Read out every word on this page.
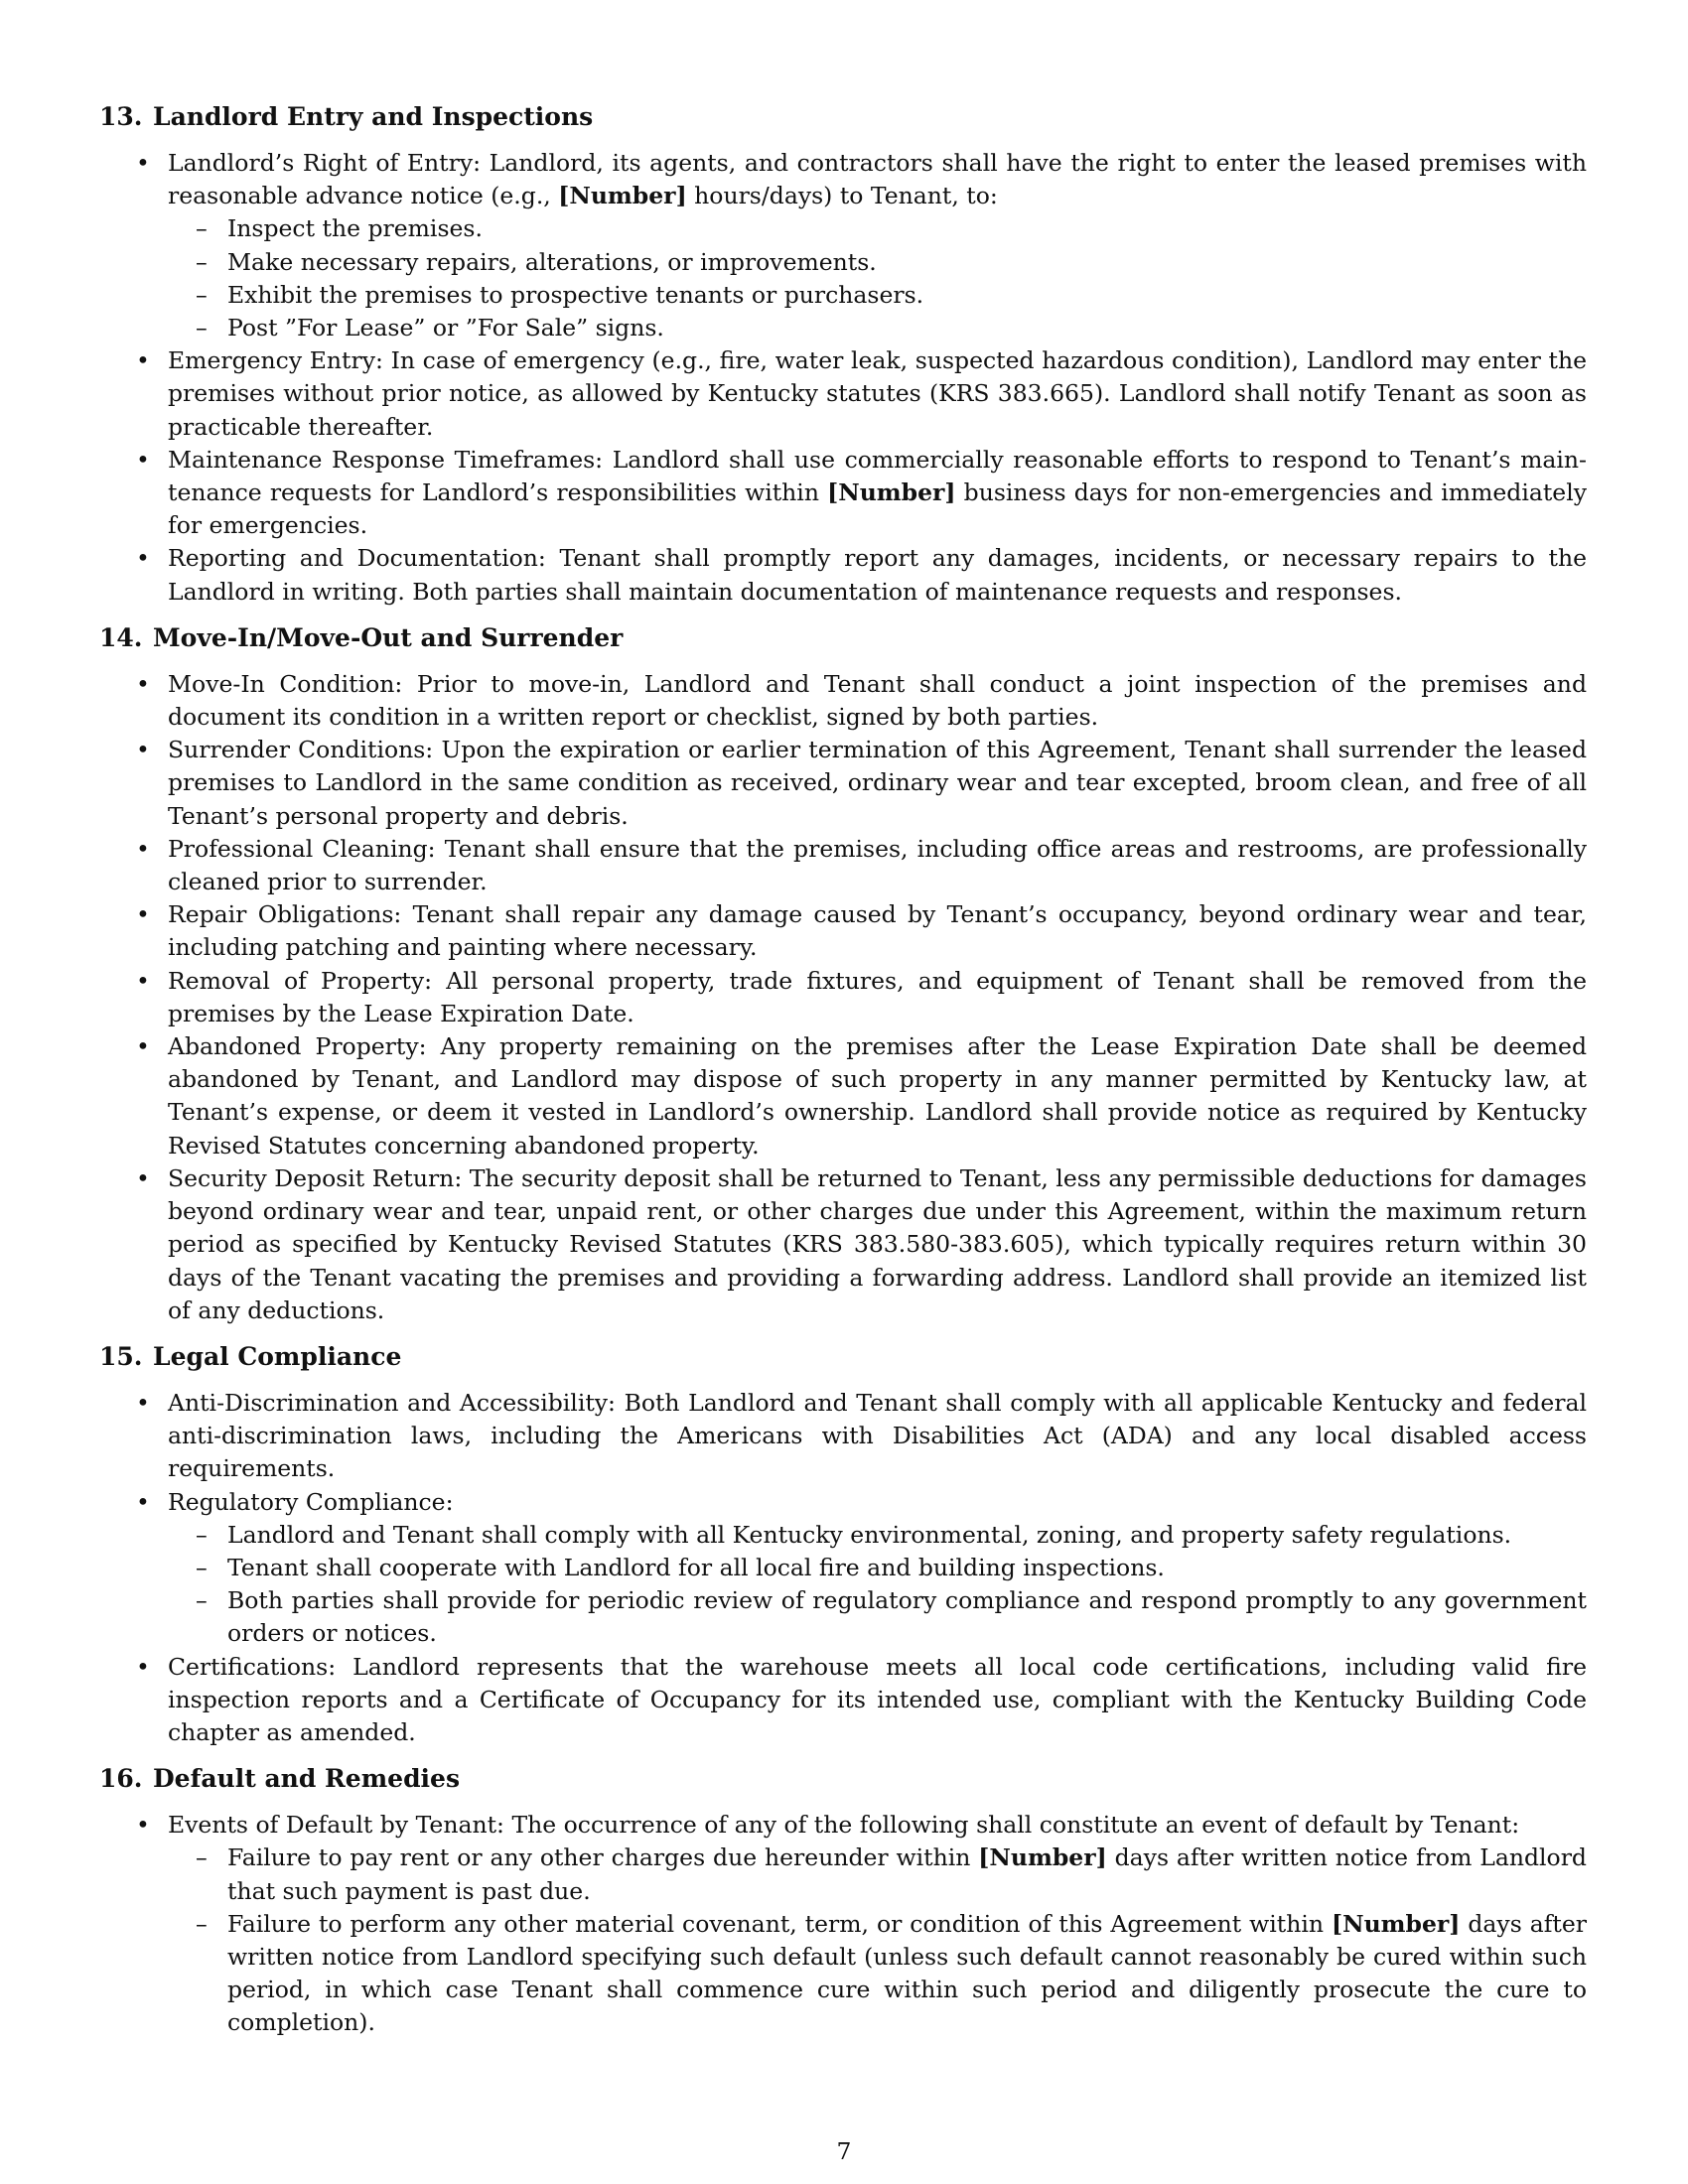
13. Landlord Entry and Inspections
• Landlord’s Right of Entry: Landlord, its agents, and contractors shall have the right to enter the leased premises with reasonable advance notice (e.g., [Number] hours/days) to Tenant, to:
– Inspect the premises.
– Make necessary repairs, alterations, or improvements.
– Exhibit the premises to prospective tenants or purchasers.
– Post ”For Lease” or ”For Sale” signs.
• Emergency Entry: In case of emergency (e.g., fire, water leak, suspected hazardous condition), Landlord may enter the premises without prior notice, as allowed by Kentucky statutes (KRS 383.665). Landlord shall notify Tenant as soon as practicable thereafter.
• Maintenance Response Timeframes: Landlord shall use commercially reasonable efforts to respond to Tenant’s maintenance requests for Landlord’s responsibilities within [Number] business days for non-emergencies and immediately for emergencies.
• Reporting and Documentation: Tenant shall promptly report any damages, incidents, or necessary repairs to the Landlord in writing. Both parties shall maintain documentation of maintenance requests and responses.
14. Move-In/Move-Out and Surrender
• Move-In Condition: Prior to move-in, Landlord and Tenant shall conduct a joint inspection of the premises and document its condition in a written report or checklist, signed by both parties.
• Surrender Conditions: Upon the expiration or earlier termination of this Agreement, Tenant shall surrender the leased premises to Landlord in the same condition as received, ordinary wear and tear excepted, broom clean, and free of all Tenant’s personal property and debris.
• Professional Cleaning: Tenant shall ensure that the premises, including office areas and restrooms, are professionally cleaned prior to surrender.
• Repair Obligations: Tenant shall repair any damage caused by Tenant’s occupancy, beyond ordinary wear and tear, including patching and painting where necessary.
• Removal of Property: All personal property, trade fixtures, and equipment of Tenant shall be removed from the premises by the Lease Expiration Date.
• Abandoned Property: Any property remaining on the premises after the Lease Expiration Date shall be deemed abandoned by Tenant, and Landlord may dispose of such property in any manner permitted by Kentucky law, at Tenant’s expense, or deem it vested in Landlord’s ownership. Landlord shall provide notice as required by Kentucky Revised Statutes concerning abandoned property.
• Security Deposit Return: The security deposit shall be returned to Tenant, less any permissible deductions for damages beyond ordinary wear and tear, unpaid rent, or other charges due under this Agreement, within the maximum return period as specified by Kentucky Revised Statutes (KRS 383.580-383.605), which typically requires return within 30 days of the Tenant vacating the premises and providing a forwarding address. Landlord shall provide an itemized list of any deductions.
15. Legal Compliance
• Anti-Discrimination and Accessibility: Both Landlord and Tenant shall comply with all applicable Kentucky and federal anti-discrimination laws, including the Americans with Disabilities Act (ADA) and any local disabled access requirements.
• Regulatory Compliance:
– Landlord and Tenant shall comply with all Kentucky environmental, zoning, and property safety regulations.
– Tenant shall cooperate with Landlord for all local fire and building inspections.
– Both parties shall provide for periodic review of regulatory compliance and respond promptly to any government orders or notices.
• Certifications: Landlord represents that the warehouse meets all local code certifications, including valid fire inspection reports and a Certificate of Occupancy for its intended use, compliant with the Kentucky Building Code chapter as amended.
16. Default and Remedies
• Events of Default by Tenant: The occurrence of any of the following shall constitute an event of default by Tenant:
– Failure to pay rent or any other charges due hereunder within [Number] days after written notice from Landlord that such payment is past due.
– Failure to perform any other material covenant, term, or condition of this Agreement within [Number] days after written notice from Landlord specifying such default (unless such default cannot reasonably be cured within such period, in which case Tenant shall commence cure within such period and diligently prosecute the cure to completion).
7
